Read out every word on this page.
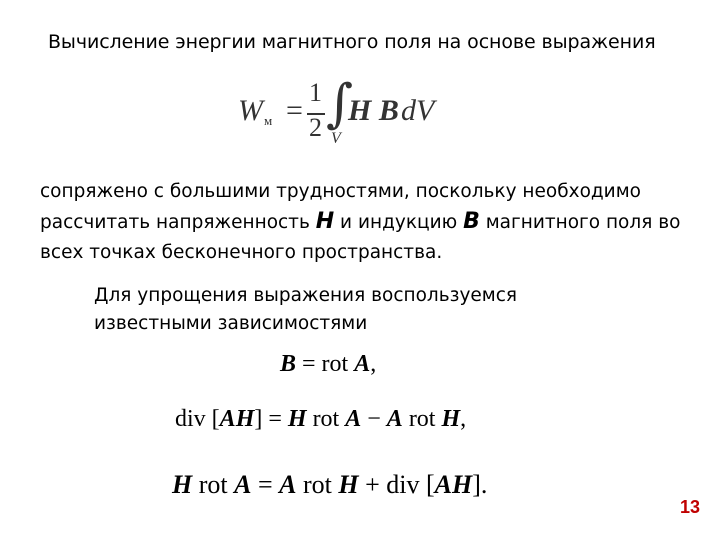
Вычисление энергии магнитного поля на основе выражения
W м =
1
2 ∫
V
H B dV
сопряжено с большими трудностями, поскольку необходимо рассчитать напряженность H и индукцию B магнитного поля во всех точках бесконечного пространства.
Для упрощения выражения воспользуемся известными зависимостями
B = rot A,
div [AH] = H rot A − A rot H,
H rot A = A rot H + div [AH].
13
